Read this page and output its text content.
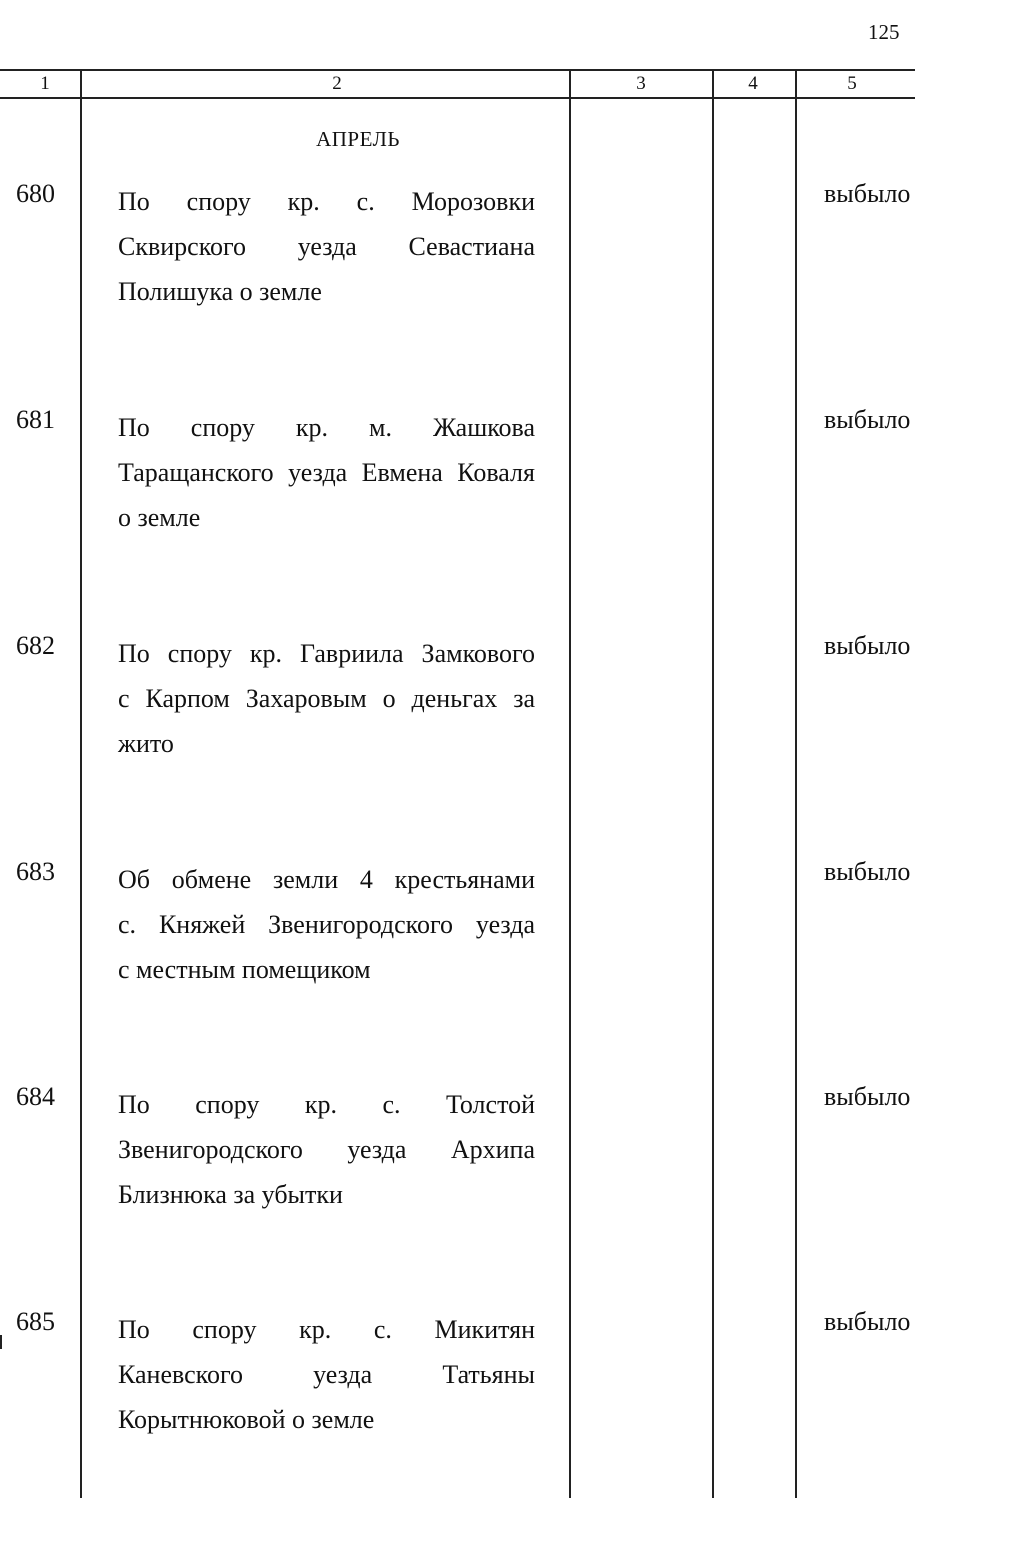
125
1	2	3	4	5
АПРЕЛЬ
680 По спору кр. с. Морозовки
Сквирского уезда Севастиана
Полишука о земле
выбыло
681 По спору кр. м. Жашкова
Таращанского уезда Евмена Коваля
о земле
выбыло
682 По спору кр. Гавриила Замкового
с Карпом Захаровым о деньгах за
жито
выбыло
683 Об обмене земли 4 крестьянами
с. Княжей Звенигородского уезда
с местным помещиком
выбыло
684 По спору кр. с. Толстой
Звенигородского уезда Архипа
Близнюка за убытки
выбыло
685 По спору кр. с. Микитян
Каневского уезда Татьяны
Корытнюковой о земле
выбыло
